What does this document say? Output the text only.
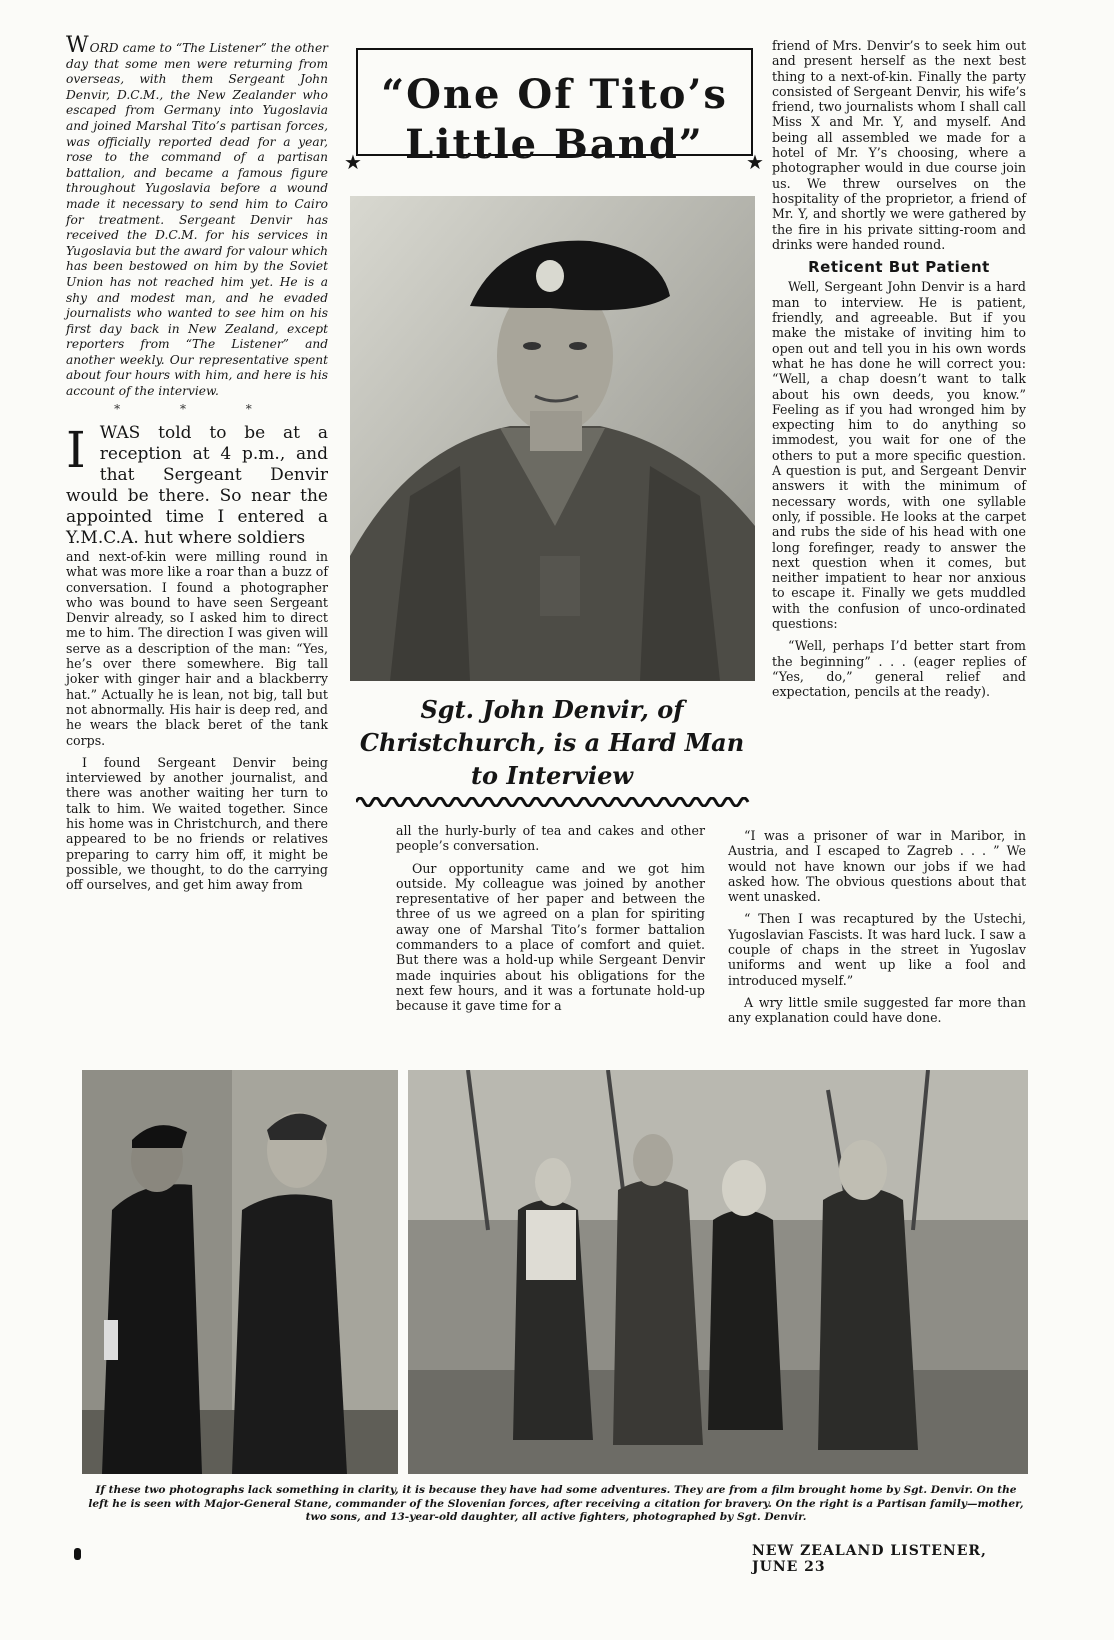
WORD came to “The Listener” the other day that some men were returning from overseas, with them Sergeant John Denvir, D.C.M., the New Zealander who escaped from Germany into Yugoslavia and joined Marshal Tito’s partisan forces, was officially reported dead for a year, rose to the command of a partisan battalion, and became a famous figure throughout Yugoslavia before a wound made it necessary to send him to Cairo for treatment. Sergeant Denvir has received the D.C.M. for his services in Yugoslavia but the award for valour which has been bestowed on him by the Soviet Union has not reached him yet. He is a shy and modest man, and he evaded journalists who wanted to see him on his first day back in New Zealand, except reporters from “The Listener” and another weekly. Our representative spent about four hours with him, and here is his account of the interview.
* * *

IWAS told to be at a reception at 4 p.m., and that Sergeant Denvir would be there. So near the appointed time I entered a Y.M.C.A. hut where soldiers

and next-of-kin were milling round in what was more like a roar than a buzz of conversation. I found a photographer who was bound to have seen Sergeant Denvir already, so I asked him to direct me to him. The direction I was given will serve as a description of the man: “Yes, he’s over there somewhere. Big tall joker with ginger hair and a blackberry hat.” Actually he is lean, not big, tall but not abnormally. His hair is deep red, and he wears the black beret of the tank corps.

I found Sergeant Denvir being interviewed by another journalist, and there was another waiting her turn to talk to him. We waited together. Since his home was in Christchurch, and there appeared to be no friends or relatives preparing to carry him off, it might be possible, we thought, to do the carrying off ourselves, and get him away from

“One Of Tito’s
Little Band”
★	★
Sgt. John Denvir, of Christchurch, is a Hard Man to Interview

all the hurly-burly of tea and cakes and other people’s conversation.

Our opportunity came and we got him outside. My colleague was joined by another representative of her paper and between the three of us we agreed on a plan for spiriting away one of Marshal Tito’s former battalion commanders to a place of comfort and quiet. But there was a hold-up while Sergeant Denvir made inquiries about his obligations for the next few hours, and it was a fortunate hold-up because it gave time for a

friend of Mrs. Denvir’s to seek him out and present herself as the next best thing to a next-of-kin. Finally the party consisted of Sergeant Denvir, his wife’s friend, two journalists whom I shall call Miss X and Mr. Y, and myself. And being all assembled we made for a hotel of Mr. Y’s choosing, where a photographer would in due course join us. We threw ourselves on the hospitality of the proprietor, a friend of Mr. Y, and shortly we were gathered by the fire in his private sitting-room and drinks were handed round.

Reticent But Patient

Well, Sergeant John Denvir is a hard man to interview. He is patient, friendly, and agreeable. But if you make the mistake of inviting him to open out and tell you in his own words what he has done he will correct you: “Well, a chap doesn’t want to talk about his own deeds, you know.” Feeling as if you had wronged him by expecting him to do anything so immodest, you wait for one of the others to put a more specific question. A question is put, and Sergeant Denvir answers it with the minimum of necessary words, with one syllable only, if possible. He looks at the carpet and rubs the side of his head with one long forefinger, ready to answer the next question when it comes, but neither impatient to hear nor anxious to escape it. Finally we gets muddled with the confusion of unco-ordinated questions:

“Well, perhaps I’d better start from the beginning” . . . (eager replies of “Yes, do,” general relief and expectation, pencils at the ready).

“I was a prisoner of war in Maribor, in Austria, and I escaped to Zagreb . . . ” We would not have known our jobs if we had asked how. The obvious questions about that went unasked.

“ Then I was recaptured by the Ustechi, Yugoslavian Fascists. It was hard luck. I saw a couple of chaps in the street in Yugoslav uniforms and went up like a fool and introduced myself.”

A wry little smile suggested far more than any explanation could have done.

If these two photographs lack something in clarity, it is because they have had some adventures. They are from a film brought home by Sgt. Denvir. On the left he is seen with Major-General Stane, commander of the Slovenian forces, after receiving a citation for bravery. On the right is a Partisan family—mother, two sons, and 13-year-old daughter, all active fighters, photographed by Sgt. Denvir.
NEW ZEALAND LISTENER, JUNE 23
